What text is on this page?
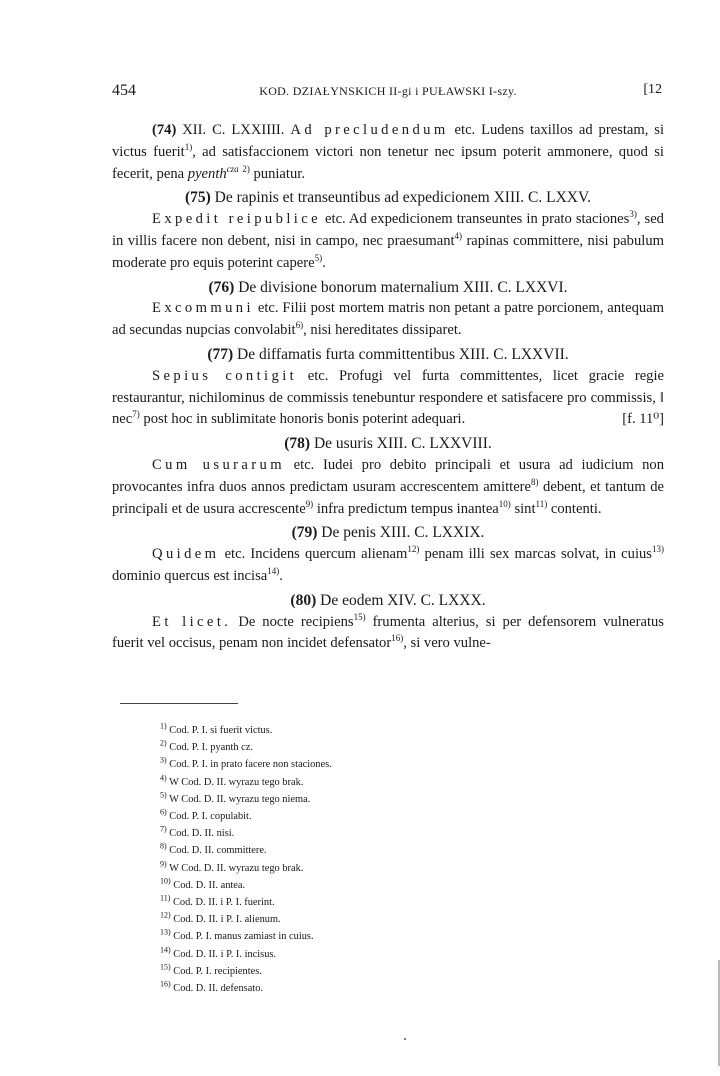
454	KOD. DZIAŁYNSKICH II-gi i PUŁAWSKI I-szy.	[12

(74) XII. C. LXXIIII. Ad precludendum etc. Ludens taxillos ad prestam, si victus fuerit$^{1)}$, ad satisfaccionem victori non tenetur nec ipsum poterit ammonere, quod si fecerit, pena pyenth$^{cza}$ $^{2)}$ puniatur.

(75) De rapinis et transeuntibus ad expedicionem XIII. C. LXXV.

Expedit reipublice etc. Ad expedicionem transeuntes in prato staciones$^{3)}$, sed in villis facere non debent, nisi in campo, nec praesumant$^{4)}$ rapinas committere, nisi pabulum moderate pro equis poterint capere$^{5)}$.

(76) De divisione bonorum maternalium XIII. C. LXXVI.

Excommuni etc. Filii post mortem matris non petant a patre porcionem, antequam ad secundas nupcias convolabit$^{6)}$, nisi hereditates dissiparet.

(77) De diffamatis furta committentibus XIII. C. LXXVII.

Sepius contigit etc. Profugi vel furta committentes, licet gracie regie restaurantur, nichilominus de commissis tenebuntur respondere et satisfacere pro commissis, ‖ nec$^{7)}$ post hoc in sublimitate honoris	[f. 11⁰]
bonis poterint adequari.

(78) De usuris XIII. C. LXXVIII.

Cum usurarum etc. Iudei pro debito principali et usura ad iudicium non provocantes infra duos annos predictam usuram accrescentem amittere$^{8)}$ debent, et tantum de principali et de usura accrescente$^{9)}$ infra predictum tempus inantea$^{10)}$ sint$^{11)}$ contenti.

(79) De penis XIII. C. LXXIX.

Quidem etc. Incidens quercum alienam$^{12)}$ penam illi sex marcas solvat, in cuius$^{13)}$ dominio quercus est incisa$^{14)}$.

(80) De eodem XIV. C. LXXX.

Et licet. De nocte recipiens$^{15)}$ frumenta alterius, si per defensorem vulneratus fuerit vel occisus, penam non incidet defensator$^{16)}$, si vero vulne-

$^{1)}$ Cod. P. I. si fuerit victus.
$^{2)}$ Cod. P. I. pyanth cz.
$^{3)}$ Cod. P. I. in prato facere non staciones.
$^{4)}$ W Cod. D. II. wyrazu tego brak.
$^{5)}$ W Cod. D. II. wyrazu tego niema.
$^{6)}$ Cod. P. I. copulabit.
$^{7)}$ Cod. D. II. nisi.
$^{8)}$ Cod. D. II. committere.
$^{9)}$ W Cod. D. II. wyrazu tego brak.
$^{10)}$ Cod. D. II. antea.
$^{11)}$ Cod. D. II. i P. I. fuerint.
$^{12)}$ Cod. D. II. i P. I. alienum.
$^{13)}$ Cod. P. I. manus zamiast in cuius.
$^{14)}$ Cod. D. II. i P. I. incisus.
$^{15)}$ Cod. P. I. recipientes.
$^{16)}$ Cod. D. II. defensato.
